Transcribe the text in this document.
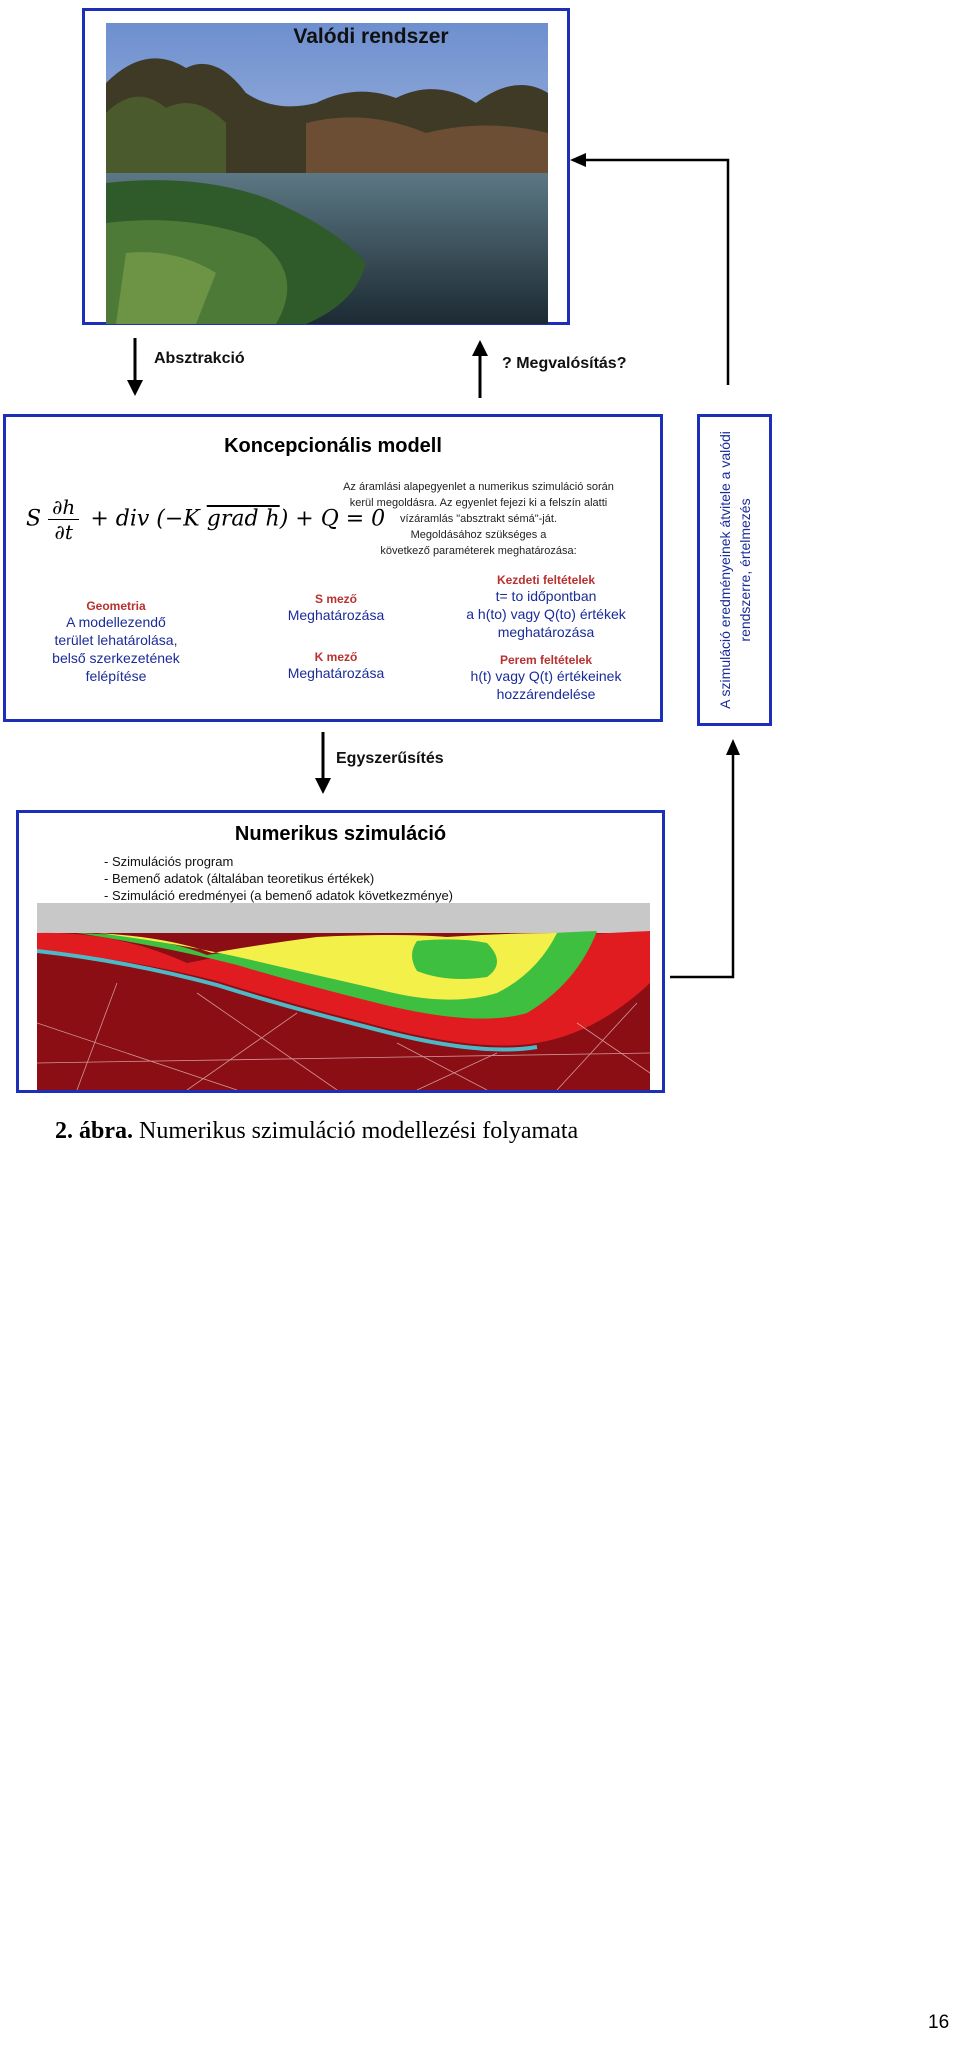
Valódi rendszer
Absztrakció	? Megvalósítás?
Koncepcionális modell
S $\frac{\partial h}{\partial t}$ + div (−K grad h) + Q = 0
Az áramlási alapegyenlet a numerikus szimuláció során
kerül megoldásra. Az egyenlet fejezi ki a felszín alatti
vízáramlás "absztrakt sémá"-ját.
Megoldásához szükséges a
következő paraméterek meghatározása:
Geometria
A modellezendő
terület lehatárolása,
belső szerkezetének
felépítése
S mező
Meghatározása
K mező
Meghatározása
Kezdeti feltételek
t= to időpontban
a h(to) vagy Q(to) értékek
meghatározása
Perem feltételek
h(t) vagy Q(t) értékeinek
hozzárendelése	A szimuláció eredményeinek átvitele a valódi rendszerre, értelmezés
Egyszerűsítés
Numerikus szimuláció
- Szimulációs program
- Bemenő adatok (általában teoretikus értékek)
- Szimuláció eredményei (a bemenő adatok következménye)
2. ábra. Numerikus szimuláció modellezési folyamata
16
